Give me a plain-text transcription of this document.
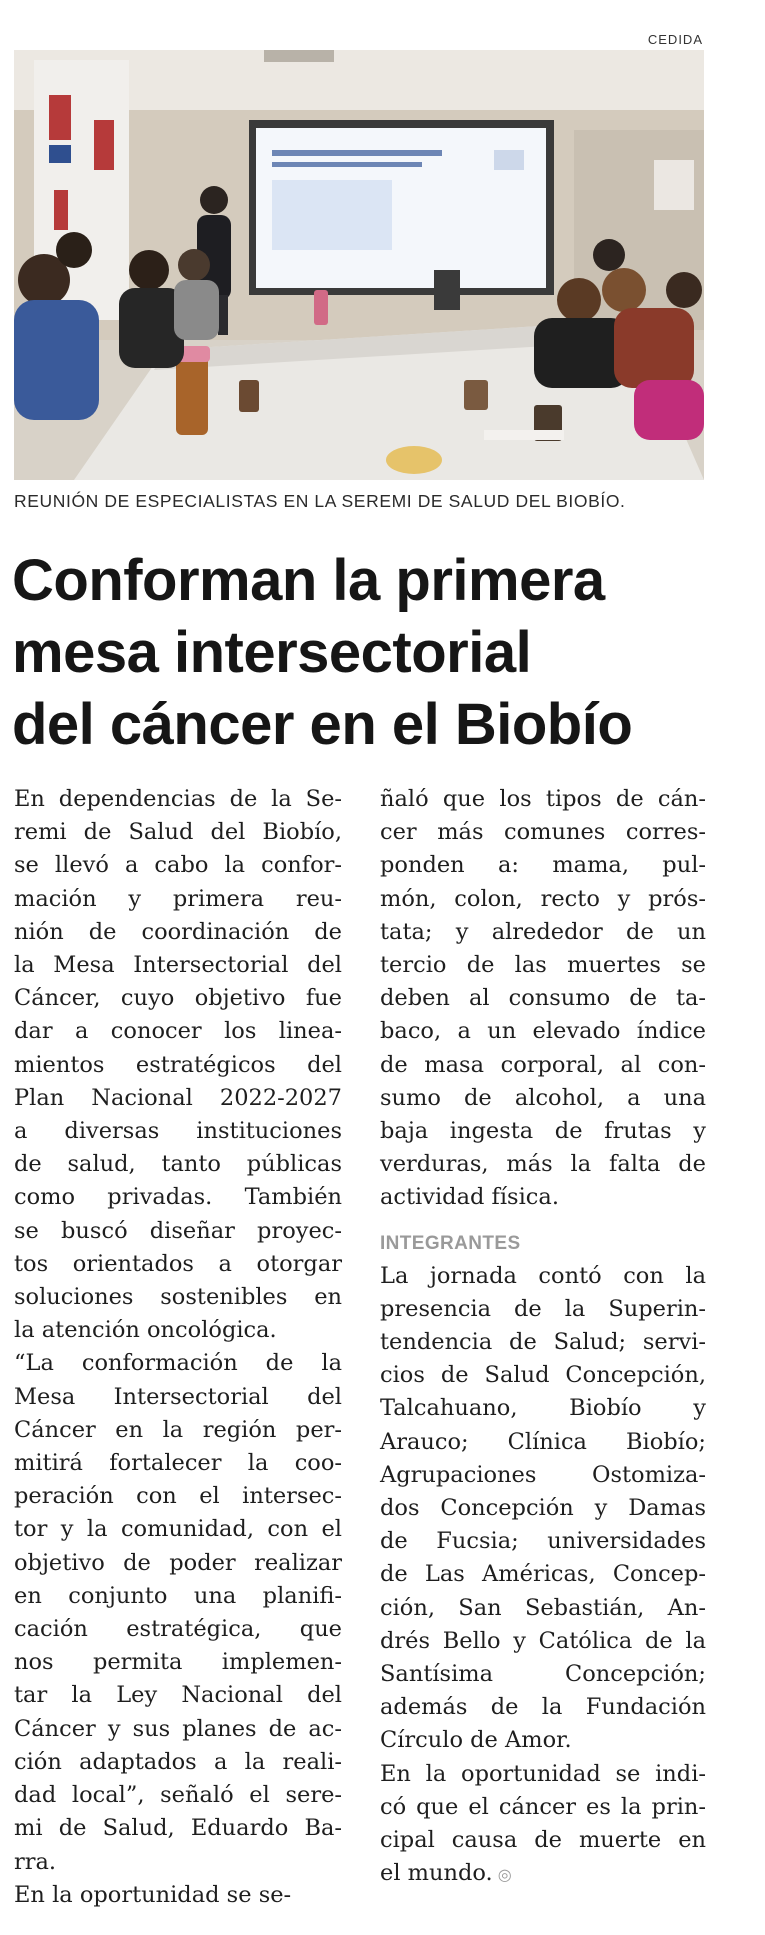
CEDIDA
REUNIÓN DE ESPECIALISTAS EN LA SEREMI DE SALUD DEL BIOBÍO.
Conforman la primera
mesa intersectorial
del cáncer en el Biobío
En dependencias de la Se-
remi de Salud del Biobío,
se llevó a cabo la confor-
mación y primera reu-
nión de coordinación de
la Mesa Intersectorial del
Cáncer, cuyo objetivo fue
dar a conocer los linea-
mientos estratégicos del
Plan Nacional 2022-2027
a diversas instituciones
de salud, tanto públicas
como privadas. También
se buscó diseñar proyec-
tos orientados a otorgar
soluciones sostenibles en
la atención oncológica.
“La conformación de la
Mesa Intersectorial del
Cáncer en la región per-
mitirá fortalecer la coo-
peración con el intersec-
tor y la comunidad, con el
objetivo de poder realizar
en conjunto una planifi-
cación estratégica, que
nos permita implemen-
tar la Ley Nacional del
Cáncer y sus planes de ac-
ción adaptados a la reali-
dad local”, señaló el sere-
mi de Salud, Eduardo Ba-
rra.
En la oportunidad se se-
ñaló que los tipos de cán-
cer más comunes corres-
ponden a: mama, pul-
món, colon, recto y prós-
tata; y alrededor de un
tercio de las muertes se
deben al consumo de ta-
baco, a un elevado índice
de masa corporal, al con-
sumo de alcohol, a una
baja ingesta de frutas y
verduras, más la falta de
actividad física.
INTEGRANTES
La jornada contó con la
presencia de la Superin-
tendencia de Salud; servi-
cios de Salud Concepción,
Talcahuano, Biobío y
Arauco; Clínica Biobío;
Agrupaciones Ostomiza-
dos Concepción y Damas
de Fucsia; universidades
de Las Américas, Concep-
ción, San Sebastián, An-
drés Bello y Católica de la
Santísima Concepción;
además de la Fundación
Círculo de Amor.
En la oportunidad se indi-
có que el cáncer es la prin-
cipal causa de muerte en
el mundo. ◎
